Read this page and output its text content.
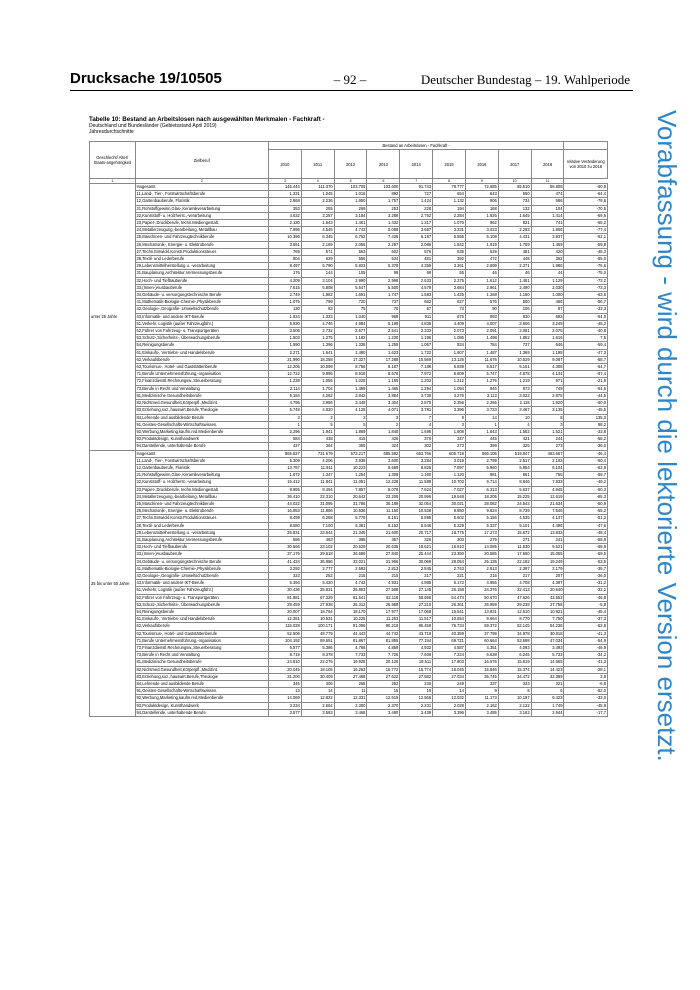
Drucksache 19/10505	– 92 –	Deutscher Bundestag – 19. Wahlperiode
Tabelle 10: Bestand an Arbeitslosen nach ausgewählten Merkmalen - Fachkraft -
Deutschland und Bundesländer (Gebietsstand April 2019)
Jahresdurchschnitte	Vorabfassung - wird durch die lektorierte Version ersetzt.
Geschlecht/ Alter/ Staats-angehörigkeit	Zielberuf	Bestand an Arbeitslosen - Fachkraft -									
		2010	2011	2012	2013	2014	2015	2016	2017	2018	relative Veränderung von 2010 zu 2018
1	2	3	4	5	6	7	8	9	10	11	
unter 25 Jahre	Insgesamt	145.444	111.370	103.705	103.600	91.743	78.777	72.685	65.510	56.808	-60,9
	11,Land-, Tier-, Forstwirtschaftsberufe	1.331	1.045	1.016	892	727	654	643	550	474	-64,4
	12,Gartenbauberufe, Floristik	2.868	2.236	1.950	1.757	1.424	1.132	906	734	586	-79,6
	21,Rohstoffgewinn,Glas-,Keramikverarbeitung	353	255	269	253	228	194	168	132	104	-70,5
	22,Kunststoff- u. Holzherst.,-verarbeitung	4.632	3.257	3.184	3.289	2.762	2.284	1.926	1.645	1.414	-69,5
	23,Papier-,Druckberufe, techn.Mediengestalt.	2.130	1.643	1.461	1.432	1.317	1.076	962	831	741	-65,2
	24,Metallerzeugung,-bearbeitung, Metallbau	7.995	4.545	4.743	5.069	3.687	3.331	3.023	2.293	1.806	-77,4
	25,Maschinen- und Fahrzeugtechnikberufe	10.396	6.345	6.752	7.435	6.187	5.555	5.109	4.431	3.937	-62,1
	26,Mechatronik-, Energie- u. Elektroberufe	3.651	2.169	2.056	2.297	2.086	1.842	1.919	1.709	1.469	-59,8
	27,Techn.Entwickl.Konstr.Produktionssteuer.	769	571	563	602	576	535	529	481	420	-45,3
	28,Textil- und Lederberufe	804	629	556	534	481	392	472	448	362	-55,0
	29,Lebensmittelherstellung u. -verarbeitung	8.497	6.790	5.823	5.379	4.359	3.261	2.699	2.371	1.986	-76,6
	31,Bauplanung,Architektur,Vermessungsberufe	176	144	105	99	69	55	46	46	44	-75,0
	32,Hoch- und Tiefbauberufe	4.209	3.104	2.990	2.998	2.633	2.275	1.612	1.481	1.129	-73,2
	33,(Innen-)Ausbauberufe	7.615	5.808	5.547	5.500	4.579	3.684	2.961	2.490	2.030	-73,3
	34,Gebäude- u. versorgungstechnische Berufe	2.749	1.882	1.691	1.747	1.583	1.425	1.268	1.150	1.000	-63,6
	41,Mathematik-Biologie-Chemie-,Physikberufe	1.075	799	720	737	682	627	576	500	466	-56,7
	42,Geologie-,Geografie-,Umweltschutzberufe	130	83	75	70	67	73	90	106	87	-33,3
	43,Informatik- und andere IKT-Berufe	1.924	1.333	1.040	968	911	876	893	830	693	-64,0
	51,Verkehr, Logistik (außer Fahrzeugführ.)	5.930	4.746	4.984	5.198	4.835	4.409	4.007	3.606	3.249	-45,2
	52,Führer von Fahrzeug- u. Transportgeräten	3.505	2.732	2.577	2.541	2.333	2.073	2.091	2.081	2.075	-40,8
	53,Schutz-,Sicherheits-, Überwachungsberufe	1.503	1.275	1.182	1.230	1.196	1.085	1.498	1.862	1.616	7,5
	54,Reinigungsberufe	1.590	1.396	1.338	1.255	1.057	834	784	737	646	-59,4
	61,Einkaufs-, Vertriebs- und Handelsberufe	2.271	1.641	1.480	1.623	1.722	1.607	1.487	1.369	1.198	-47,3
	62,Verkaufsberufe	21.990	18.258	17.327	17.288	15.569	13.126	11.676	10.529	9.087	-58,7
	63,Tourismus-, Hotel- und Gaststättenberufe	12.205	10.099	8.756	8.187	7.186	5.939	5.517	5.151	4.308	-64,7
	71,Berufe Unternehmensführung,-organisation	12.722	9.995	8.918	8.676	7.972	6.809	5.747	4.878	4.144	-67,4
	72,Finanzdienstl.Rechnungsw.,Steuerberatung	1.238	1.055	1.028	1.165	1.202	1.212	1.276	1.219	971	-21,6
	73,Berufe in Recht und Verwaltung	2.114	1.704	1.499	1.465	1.294	1.094	946	873	749	-64,6
	81,Medizinische Gesundheitsberufe	5.184	4.282	3.842	3.884	3.730	3.276	3.113	3.022	2.875	-44,5
	82,Nichtmed.Gesundheit,Körperpfl.,Medizint.	4.795	3.956	3.448	3.304	2.870	2.356	2.265	2.118	1.920	-60,0
	83,Erziehung,soz.,hauswirt.Berufe,Theologie	5.748	4.820	4.125	4.071	3.781	3.396	3.723	3.467	3.135	-45,5
	84,Lehrende und ausbildende Berufe	3	2	2	3	7	9	14	10	8	135,0
	91,Geistes-Gesellschafts-Wirtschaftswissen.	1	5	5	2	4	3	1	4	3	88,2
	92,Werbung,Marketing,kaufm.red.Medienberufe	2.296	1.941	1.869	1.848	1.696	1.608	1.643	1.552	1.521	-33,8
	93,Produktdesign, Kunsthandwerk	584	438	415	426	376	347	445	421	244	-58,2
	94,Darstellende, unterhaltende Berufe	427	364	355	324	302	273	399	325	273	-36,0
25 bis unter 50 Jahre	Insgesamt	865.827	731.679	673.217	685.592	653.766	605.718	566.105	519.947	463.667	-46,4
	11,Land-, Tier-, Forstwirtschaftsberufe	5.309	4.206	3.938	3.600	3.284	3.019	2.799	2.517	2.103	-60,4
	12,Gartenbauberufe, Floristik	13.757	11.911	10.223	9.669	8.825	7.897	6.960	5.954	5.104	-62,9
	21,Rohstoffgewinn,Glas-,Keramikverarbeitung	1.872	1.347	1.254	1.308	1.160	1.120	981	861	755	-59,7
	22,Kunststoff- u. Holzherst.,-verarbeitung	15.412	11.841	11.051	12.228	11.589	10.703	9.714	8.846	7.833	-49,2
	23,Papier-,Druckberufe, techn.Mediengestalt.	9.955	8.494	7.857	8.078	7.624	7.027	6.313	5.637	4.945	-50,3
	24,Metallerzeugung,-bearbeitung, Metallbau	36.410	22.310	20.642	23.208	20.996	19.548	18.205	15.225	12.619	-65,3
	25,Maschinen- und Fahrzeugtechnikberufe	44.022	31.095	31.786	35.189	32.054	30.021	28.082	24.543	21.634	-50,9
	26,Mechatronik-, Energie- u. Elektroberufe	16.853	11.886	10.536	11.150	10.538	9.850	9.624	8.739	7.546	-55,2
	27,Techn.Entwickl.Konstr.Produktionssteuer.	8.499	6.258	5.778	6.161	5.895	5.602	5.156	4.535	4.147	-51,2
	28,Textil- und Lederberufe	8.580	7.100	6.381	6.152	5.646	5.229	5.337	5.101	4.496	-47,6
	29,Lebensmittelherstellung u. -verarbeitung	26.831	23.644	21.345	21.600	20.717	18.775	17.273	15.672	13.833	-48,4
	31,Bauplanung,Architektur,Vermessungsberufe	586	483	385	357	326	303	279	271	241	-58,8
	32,Hoch- und Tiefbauberufe	30.566	23.102	20.629	20.635	18.621	16.610	14.085	11.630	9.521	-68,9
	33,(Innen-)Ausbauberufe	37.176	29.618	26.686	27.840	25.444	23.350	20.585	17.660	15.055	-59,5
	34,Gebäude- u. versorgungstechnische Berufe	41.424	36.986	33.021	31.966	30.068	28.054	25.135	22.182	19.249	-53,5
	41,Mathematik-Biologie-Chemie-,Physikberufe	3.292	2.777	2.593	2.813	2.845	2.743	2.613	2.397	2.179	-35,7
	42,Geologie-,Geografie-,Umweltschutzberufe	323	252	215	215	217	221	215	217	207	-36,0
	43,Informatik- und andere IKT-Berufe	6.394	5.420	4.742	4.931	4.985	5.172	4.956	4.708	4.397	-31,2
	51,Verkehr, Logistik (außer Fahrzeugführ.)	30.436	25.831	25.803	27.588	27.145	26.158	24.376	22.413	20.640	-32,2
	52,Führer von Fahrzeug- u. Transportgeräten	81.881	67.329	61.641	62.118	58.696	54.474	50.670	47.626	43.552	-46,8
	53,Schutz-,Sicherheits-, Überwachungsberufe	29.459	27.938	26.312	26.958	27.210	26.361	26.959	29.238	27.758	-5,8
	54,Reinigungsberufe	20.007	18.764	18.170	17.977	17.068	15.541	13.931	12.510	10.921	-45,4
	61,Einkaufs-, Vertriebs- und Handelsberufe	12.351	10.531	10.225	11.253	11.517	10.654	9.664	8.770	7.750	-37,3
	62,Verkaufsberufe	115.028	100.171	91.096	90.218	85.459	76.734	69.372	62.145	54.238	-52,8
	63,Tourismus-, Hotel- und Gaststättenberufe	52.506	48.779	44.443	44.742	43.718	40.359	37.799	34.978	30.818	-41,3
	71,Berufe Unternehmensführung,-organisation	104.192	89.651	81.867	81.855	77.194	69.721	60.664	53.698	47.034	-54,9
	72,Finanzdienstl.Rechnungsw.,Steuerberatung	6.577	5.386	4.788	4.859	4.932	4.587	4.351	4.093	3.493	-46,9
	73,Berufe in Recht und Verwaltung	8.719	8.378	7.733	7.726	7.606	7.224	6.638	6.245	5.733	-34,2
	81,Medizinische Gesundheitsberufe	24.810	22.275	19.928	20.126	19.511	17.803	16.576	15.819	14.565	-41,3
	82,Nichtmed.Gesundheit,Körperpfl.,Medizint.	20.045	18.105	16.263	16.772	16.774	16.045	15.846	15.374	14.423	-28,1
	83,Erziehung,soz.,hauswirt.Berufe,Theologie	31.200	30.409	27.488	27.622	27.582	27.034	35.745	34.472	32.389	3,8
	84,Lehrende und ausbildende Berufe	345	305	265	252	230	249	337	333	321	-6,8
	91,Geistes-Gesellschafts-Wirtschaftswissen.	13	14	11	15	16	14	9	8	6	-52,0
	92,Werbung,Marketing,kaufm.red.Medienberufe	14.069	12.822	12.331	12.519	12.566	12.032	11.173	10.197	9.423	-33,0
	93,Produktdesign, Kunsthandwerk	3.234	2.664	2.300	2.370	2.231	2.028	2.162	2.122	1.749	-45,9
	94,Darstellende, unterhaltende Berufe	3.577	3.583	3.468	3.490	3.439	3.396	3.485	3.163	2.944	-17,7
